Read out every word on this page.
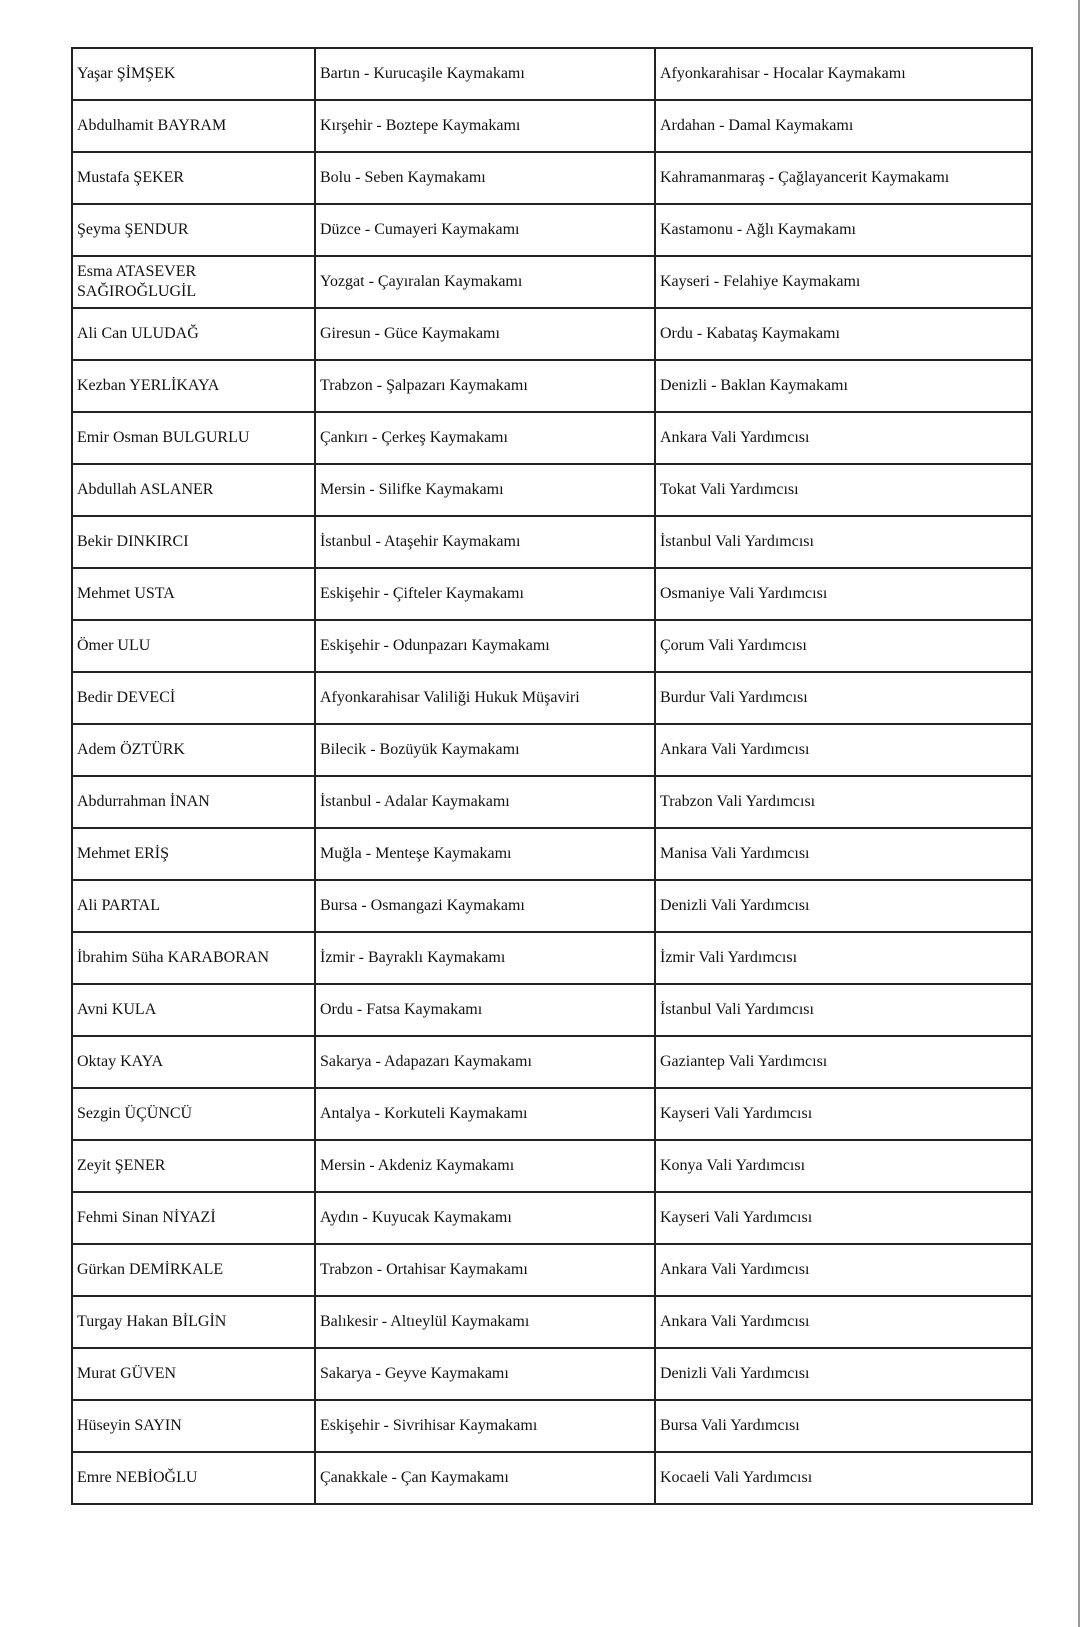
Yaşar ŞİMŞEK	Bartın - Kurucaşile Kaymakamı	Afyonkarahisar - Hocalar Kaymakamı
Abdulhamit BAYRAM	Kırşehir - Boztepe Kaymakamı	Ardahan - Damal Kaymakamı
Mustafa ŞEKER	Bolu - Seben Kaymakamı	Kahramanmaraş - Çağlayancerit Kaymakamı
Şeyma ŞENDUR	Düzce - Cumayeri Kaymakamı	Kastamonu - Ağlı Kaymakamı
Esma ATASEVER SAĞIROĞLUGİL	Yozgat - Çayıralan Kaymakamı	Kayseri - Felahiye Kaymakamı
Ali Can ULUDAĞ	Giresun - Güce Kaymakamı	Ordu - Kabataş Kaymakamı
Kezban YERLİKAYA	Trabzon - Şalpazarı Kaymakamı	Denizli - Baklan Kaymakamı
Emir Osman BULGURLU	Çankırı - Çerkeş Kaymakamı	Ankara Vali Yardımcısı
Abdullah ASLANER	Mersin - Silifke Kaymakamı	Tokat Vali Yardımcısı
Bekir DINKIRCI	İstanbul - Ataşehir Kaymakamı	İstanbul Vali Yardımcısı
Mehmet USTA	Eskişehir - Çifteler Kaymakamı	Osmaniye Vali Yardımcısı
Ömer ULU	Eskişehir - Odunpazarı Kaymakamı	Çorum Vali Yardımcısı
Bedir DEVECİ	Afyonkarahisar Valiliği Hukuk Müşaviri	Burdur Vali Yardımcısı
Adem ÖZTÜRK	Bilecik - Bozüyük Kaymakamı	Ankara Vali Yardımcısı
Abdurrahman İNAN	İstanbul - Adalar Kaymakamı	Trabzon Vali Yardımcısı
Mehmet ERİŞ	Muğla - Menteşe Kaymakamı	Manisa Vali Yardımcısı
Ali PARTAL	Bursa - Osmangazi Kaymakamı	Denizli Vali Yardımcısı
İbrahim Süha KARABORAN	İzmir - Bayraklı Kaymakamı	İzmir Vali Yardımcısı
Avni KULA	Ordu - Fatsa Kaymakamı	İstanbul Vali Yardımcısı
Oktay KAYA	Sakarya - Adapazarı Kaymakamı	Gaziantep Vali Yardımcısı
Sezgin ÜÇÜNCÜ	Antalya - Korkuteli Kaymakamı	Kayseri Vali Yardımcısı
Zeyit ŞENER	Mersin - Akdeniz Kaymakamı	Konya Vali Yardımcısı
Fehmi Sinan NİYAZİ	Aydın - Kuyucak Kaymakamı	Kayseri Vali Yardımcısı
Gürkan DEMİRKALE	Trabzon - Ortahisar Kaymakamı	Ankara Vali Yardımcısı
Turgay Hakan BİLGİN	Balıkesir - Altıeylül Kaymakamı	Ankara Vali Yardımcısı
Murat GÜVEN	Sakarya - Geyve Kaymakamı	Denizli Vali Yardımcısı
Hüseyin SAYIN	Eskişehir - Sivrihisar Kaymakamı	Bursa Vali Yardımcısı
Emre NEBİOĞLU	Çanakkale - Çan Kaymakamı	Kocaeli Vali Yardımcısı
